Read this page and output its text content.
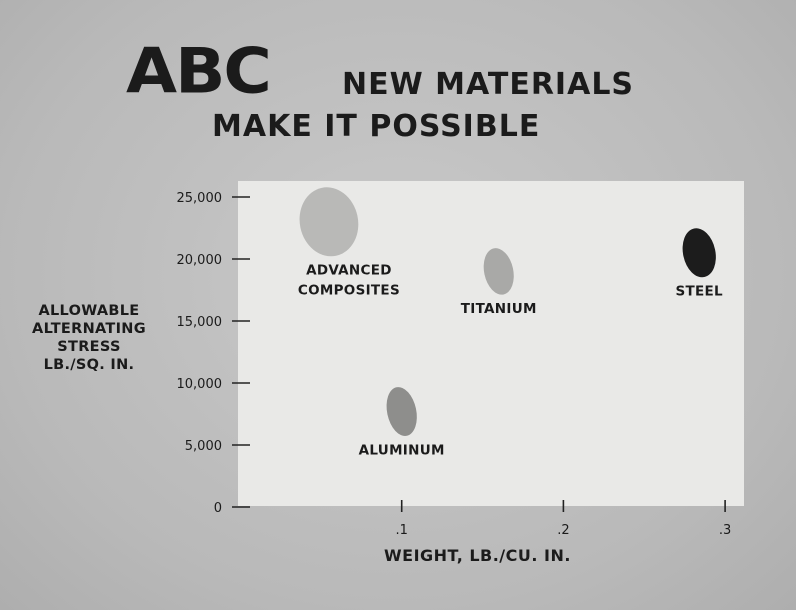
ABC NEW MATERIALS
MAKE IT POSSIBLE
ALLOWABLE
ALTERNATING
STRESS
LB./SQ. IN.
WEIGHT, LB./CU. IN.
0
5,000
10,000
15,000
20,000
25,000
.1	.2	.3
ADVANCED COMPOSITES
TITANIUM
STEEL
ALUMINUM
